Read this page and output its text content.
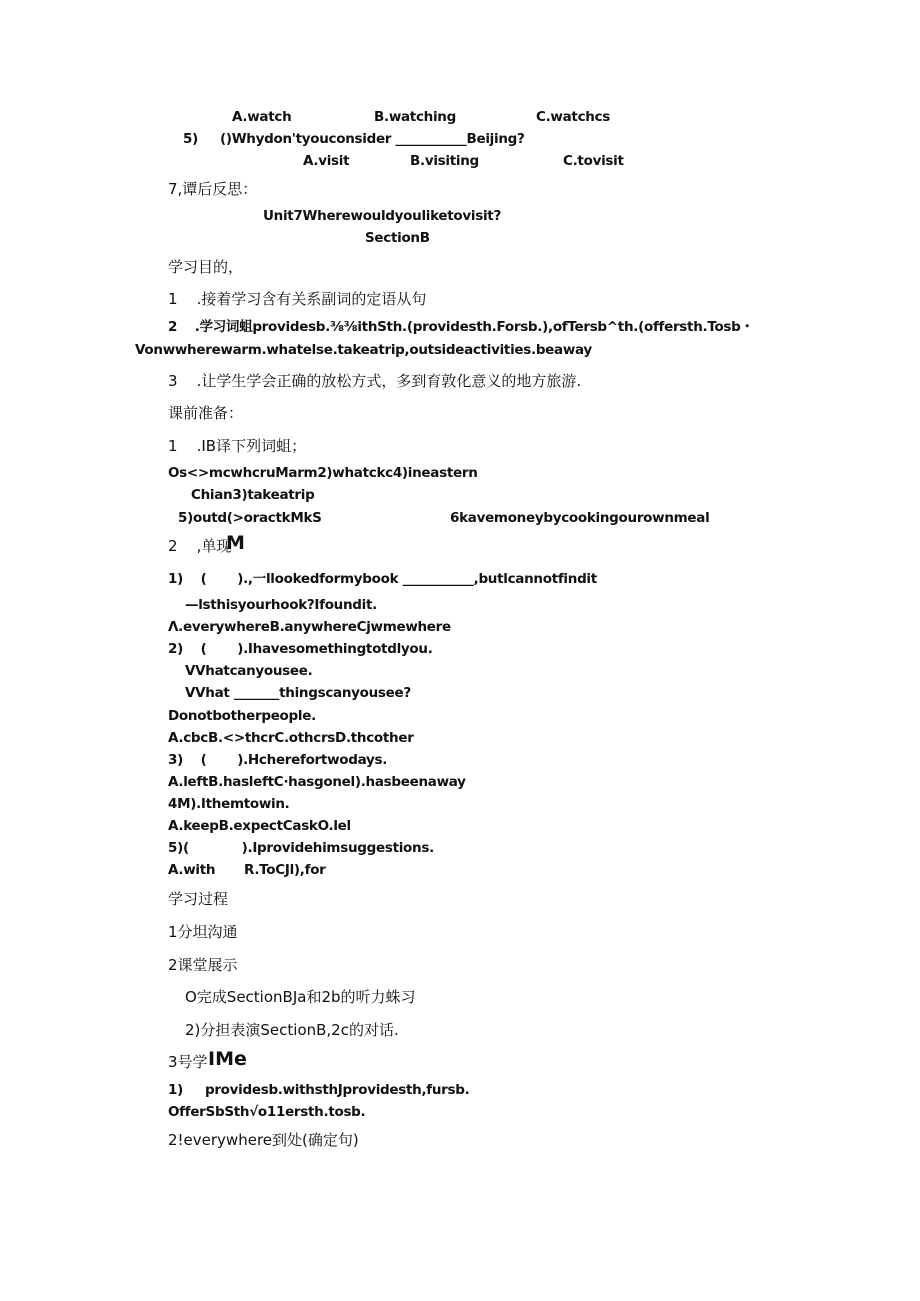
A.watch	B.watching	C.watchcs
5)     ()Whydon'tyouconsider ___________Beijing?
A.visit	B.visiting	C.tovisit
7,谭后反思：
Unit7Wherewouldyouliketovisit?
SectionB
学习目的，
1    .接着学习含有关系副词的定语从句
2    .学习词蛆providesb.⅜⅜ithSth.(providesth.Forsb.),ofTersb^th.(offersth.Tosb・
Vonwwherewarm.whatelse.takeatrip,outsideactivities.beaway
3    .让学生学会正确的放松方式，多到育敦化意义的地方旅游.
课前准备：
1    .IB译下列词蛆；
Os<>mcwhcruMarm2)whatckc4)ineastern
Chian3)takeatrip
5)outd(>oractkMkS	6kavemoneybycookingourownmeal
2    ,单现
M
1)    (       ).,一llookedformybook ___________,butlcannotfindit
—lsthisyourhook?Ifoundit.
Λ.everywhereB.anywhereCjwmewhere
2)    (       ).Ihavesomethingtotdlyou.
VVhatcanyousee.
VVhat _______thingscanyousee?
Donotbotherpeople.
A.cbcB.<>thcrC.othcrsD.thcother
3)    (       ).Hcherefortwodays.
A.leftB.hasleftC∙hasgonel).hasbeenaway
4M).Ithemtowin.
A.keepB.expectCaskO.lel
5)(            ).Iprovidehimsuggestions.
A.with R.ToCJl),for
学习过程
1分坦沟通
2课堂展示
O完成SectionBJa和2b的听力蛛习
2)分担表演SectionB,2c的对话.
3号学 IMe
1)     providesb.withsthJprovidesth,fursb.
OfferSbSth√o11ersth.tosb.
2!everywhere到处(确定句)
